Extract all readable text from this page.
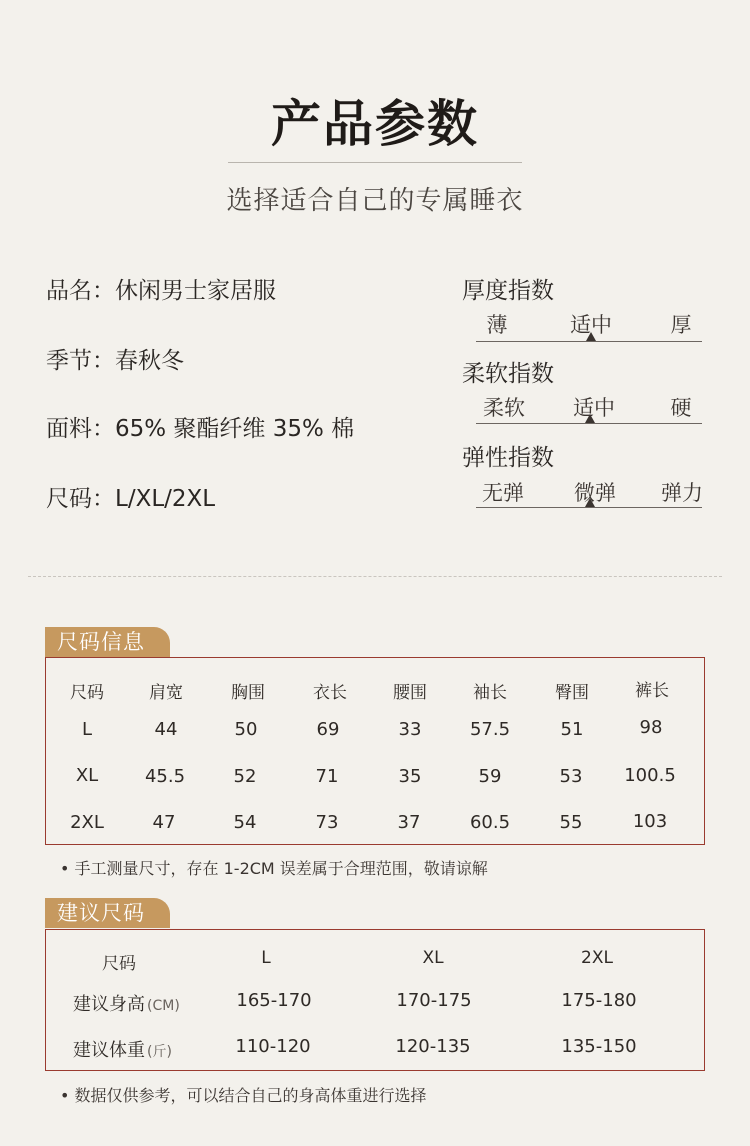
产品参数
选择适合自己的专属睡衣
品名：休闲男士家居服
季节：春秋冬
面料：65% 聚酯纤维 35% 棉
尺码：L/XL/2XL
厚度指数
薄	适中	厚
柔软指数
柔软 适中	硬
弹性指数
无弹 微弹 弹力
尺码信息
尺码	肩宽	胸围	衣长	腰围	袖长	臀围	裤长
L	44	50	69	33	57.5	51	98
XL	45.5	52	71	35	59	53 100.5
2XL	47	54	73	37	60.5	55	103
• 手工测量尺寸，存在 1-2CM 误差属于合理范围，敬请谅解
建议尺码
尺码	L	XL	2XL
建议身高 (CM)	165-170	170-175	175-180
建议体重 (斤)	110-120	120-135	135-150
• 数据仅供参考，可以结合自己的身高体重进行选择
